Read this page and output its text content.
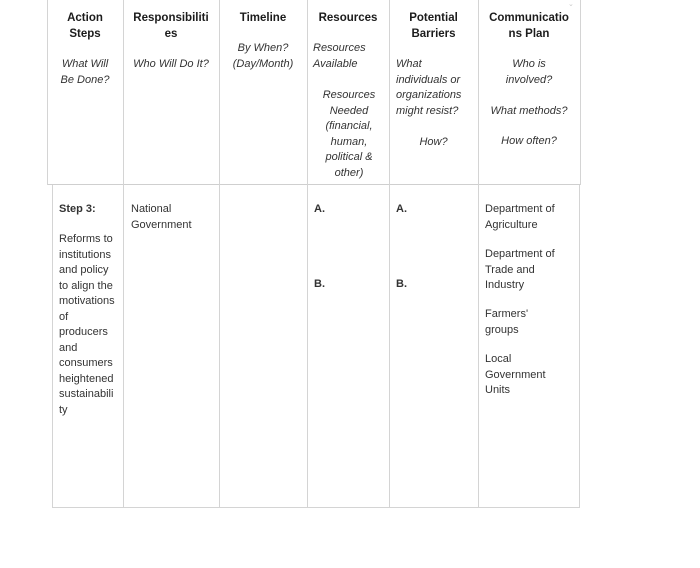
⌄
Action
Steps
What Will
Be Done?
Responsibiliti
es
Who Will Do It?
Timeline
By When?
(Day/Month)
Resources
Resources
Available
Resources
Needed
(financial,
human,
political &
other)
Potential
Barriers
What
individuals or
organizations
might resist?
How?
Communicatio
ns Plan
Who is
involved?
What methods?
How often?
Step 3:
Reforms to
institutions
and policy
to align the
motivations
of
producers
and
consumers
heightened
sustainabili
ty
National
Government
A.
B.
A.
B.
Department of
Agriculture
Department of
Trade and
Industry
Farmers'
groups
Local
Government
Units
